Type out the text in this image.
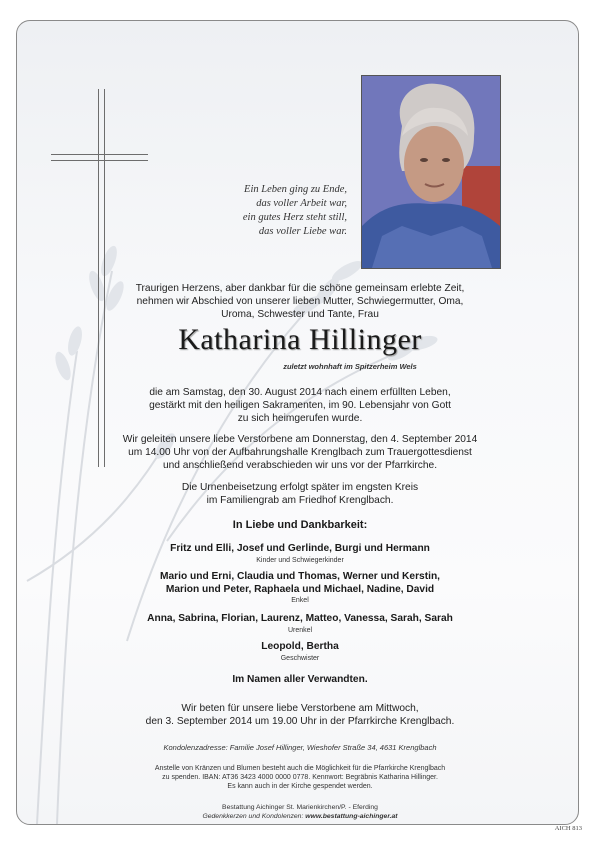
Ein Leben ging zu Ende,
das voller Arbeit war,
ein gutes Herz steht still,
das voller Liebe war.
Traurigen Herzens, aber dankbar für die schöne gemeinsam erlebte Zeit,
nehmen wir Abschied von unserer lieben Mutter, Schwiegermutter, Oma,
Uroma, Schwester und Tante, Frau
Katharina Hillinger
zuletzt wohnhaft im Spitzerheim Wels
die am Samstag, den 30. August 2014 nach einem erfüllten Leben,
gestärkt mit den heiligen Sakramenten, im 90. Lebensjahr von Gott
zu sich heimgerufen wurde.
Wir geleiten unsere liebe Verstorbene am Donnerstag, den 4. September 2014
um 14.00 Uhr von der Aufbahrungshalle Krenglbach zum Trauergottesdienst
und anschließend verabschieden wir uns vor der Pfarrkirche.
Die Urnenbeisetzung erfolgt später im engsten Kreis
im Familiengrab am Friedhof Krenglbach.
In Liebe und Dankbarkeit:
Fritz und Elli, Josef und Gerlinde, Burgi und Hermann
Kinder und Schwiegerkinder
Mario und Erni, Claudia und Thomas, Werner und Kerstin,
Marion und Peter, Raphaela und Michael, Nadine, David
Enkel
Anna, Sabrina, Florian, Laurenz, Matteo, Vanessa, Sarah, Sarah
Urenkel
Leopold, Bertha
Geschwister
Im Namen aller Verwandten.
Wir beten für unsere liebe Verstorbene am Mittwoch,
den 3. September 2014 um 19.00 Uhr in der Pfarrkirche Krenglbach.
Kondolenzadresse: Familie Josef Hillinger, Wieshofer Straße 34, 4631 Krenglbach
Anstelle von Kränzen und Blumen besteht auch die Möglichkeit für die Pfarrkirche Krenglbach
zu spenden. IBAN: AT36 3423 4000 0000 0778. Kennwort: Begräbnis Katharina Hillinger.
Es kann auch in der Kirche gespendet werden.
Bestattung Aichinger St. Marienkirchen/P. - Eferding
Gedenkkerzen und Kondolenzen: www.bestattung-aichinger.at
AICH 813
